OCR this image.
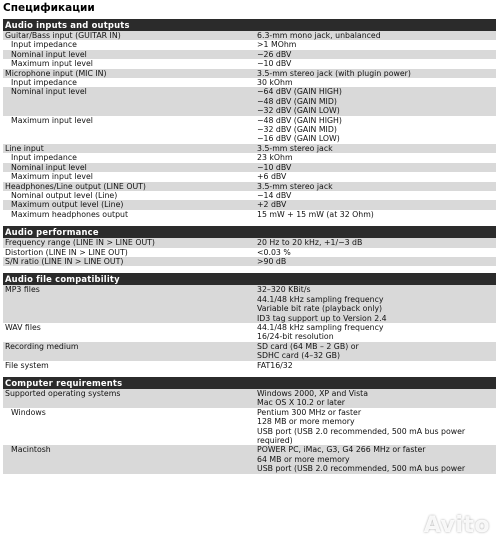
Спецификации
Audio inputs and outputs
Guitar/Bass input (GUITAR IN)	6.3-mm mono jack, unbalanced
Input impedance	>1 MOhm
Nominal input level	−26 dBV
Maximum input level	−10 dBV
Microphone input (MIC IN)	3.5-mm stereo jack (with plugin power)
Input impedance	30 kOhm
Nominal input level	−64 dBV (GAIN HIGH)
−48 dBV (GAIN MID)
−32 dBV (GAIN LOW)
Maximum input level	−48 dBV (GAIN HIGH)
−32 dBV (GAIN MID)
−16 dBV (GAIN LOW)
Line input	3.5-mm stereo jack
Input impedance	23 kOhm
Nominal input level	−10 dBV
Maximum input level	+6 dBV
Headphones/Line output (LINE OUT)	3.5-mm stereo jack
Nominal output level (Line)	−14 dBV
Maximum output level (Line)	+2 dBV
Maximum headphones output	15 mW + 15 mW (at 32 Ohm)
Audio performance
Frequency range (LINE IN > LINE OUT)	20 Hz to 20 kHz, +1/−3 dB
Distortion (LINE IN > LINE OUT)	<0.03 %
S/N ratio (LINE IN > LINE OUT)	>90 dB
Audio file compatibility
MP3 files	32–320 KBit/s
44.1/48 kHz sampling frequency
Variable bit rate (playback only)
ID3 tag support up to Version 2.4
WAV files	44.1/48 kHz sampling frequency
16/24-bit resolution
Recording medium	SD card (64 MB – 2 GB) or
SDHC card (4–32 GB)
File system	FAT16/32
Computer requirements
Supported operating systems	Windows 2000, XP and Vista
Mac OS X 10.2 or later
Windows	Pentium 300 MHz or faster
128 MB or more memory
USB port (USB 2.0 recommended, 500 mA bus power
required)
Macintosh	POWER PC, iMac, G3, G4 266 MHz or faster
64 MB or more memory
USB port (USB 2.0 recommended, 500 mA bus power
Avito
